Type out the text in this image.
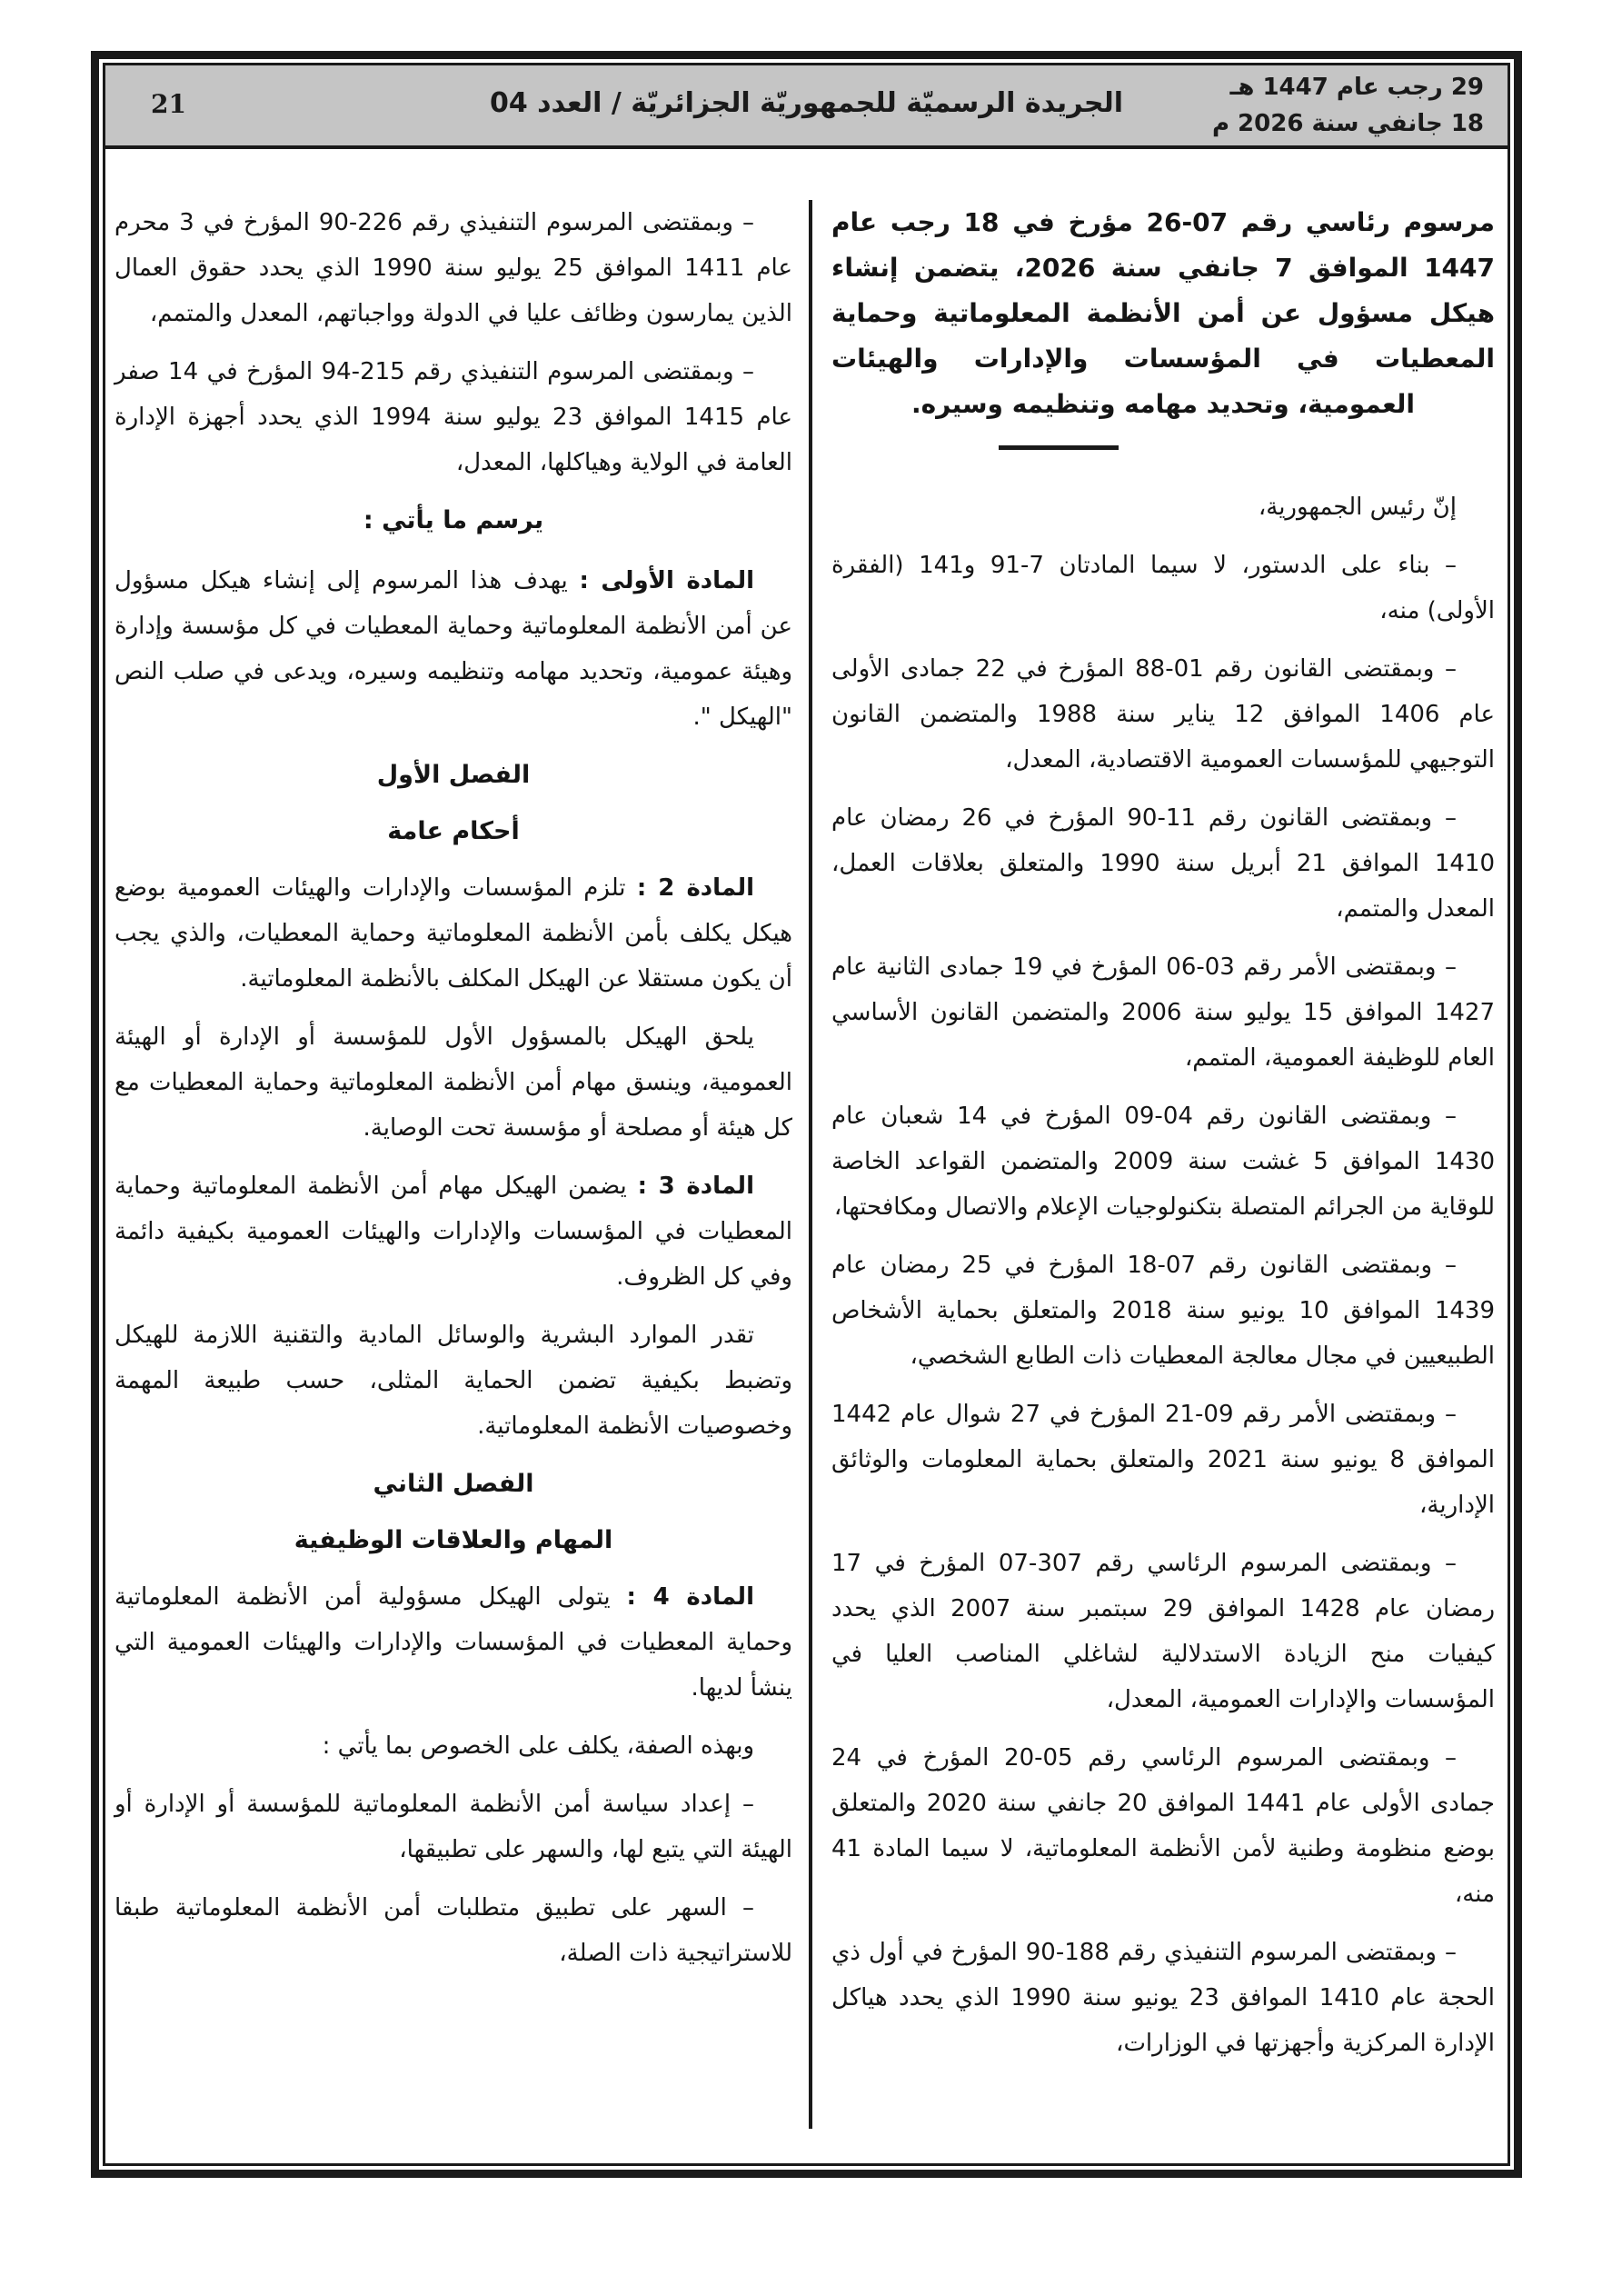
21	الجريدة الرسميّة للجمهوريّة الجزائريّة / العدد 04	29 رجب عام 1447 هـ
18 جانفي سنة 2026 م

مرسوم رئاسي رقم 07-26 مؤرخ في 18 رجب عام 1447 الموافق 7 جانفي سنة 2026، يتضمن إنشاء هيكل مسؤول عن أمن الأنظمة المعلوماتية وحماية المعطيات في المؤسسات والإدارات والهيئات العمومية، وتحديد مهامه وتنظيمه وسيره.

إنّ رئيس الجمهورية،

– بناء على الدستور، لا سيما المادتان 7-91 و141 (الفقرة الأولى) منه،

– وبمقتضى القانون رقم 01-88 المؤرخ في 22 جمادى الأولى عام 1406 الموافق 12 يناير سنة 1988 والمتضمن القانون التوجيهي للمؤسسات العمومية الاقتصادية، المعدل،

– وبمقتضى القانون رقم 11-90 المؤرخ في 26 رمضان عام 1410 الموافق 21 أبريل سنة 1990 والمتعلق بعلاقات العمل، المعدل والمتمم،

– وبمقتضى الأمر رقم 03-06 المؤرخ في 19 جمادى الثانية عام 1427 الموافق 15 يوليو سنة 2006 والمتضمن القانون الأساسي العام للوظيفة العمومية، المتمم،

– وبمقتضى القانون رقم 04-09 المؤرخ في 14 شعبان عام 1430 الموافق 5 غشت سنة 2009 والمتضمن القواعد الخاصة للوقاية من الجرائم المتصلة بتكنولوجيات الإعلام والاتصال ومكافحتها،

– وبمقتضى القانون رقم 07-18 المؤرخ في 25 رمضان عام 1439 الموافق 10 يونيو سنة 2018 والمتعلق بحماية الأشخاص الطبيعيين في مجال معالجة المعطيات ذات الطابع الشخصي،

– وبمقتضى الأمر رقم 09-21 المؤرخ في 27 شوال عام 1442 الموافق 8 يونيو سنة 2021 والمتعلق بحماية المعلومات والوثائق الإدارية،

– وبمقتضى المرسوم الرئاسي رقم 307-07 المؤرخ في 17 رمضان عام 1428 الموافق 29 سبتمبر سنة 2007 الذي يحدد كيفيات منح الزيادة الاستدلالية لشاغلي المناصب العليا في المؤسسات والإدارات العمومية، المعدل،

– وبمقتضى المرسوم الرئاسي رقم 05-20 المؤرخ في 24 جمادى الأولى عام 1441 الموافق 20 جانفي سنة 2020 والمتعلق بوضع منظومة وطنية لأمن الأنظمة المعلوماتية، لا سيما المادة 41 منه،

– وبمقتضى المرسوم التنفيذي رقم 188-90 المؤرخ في أول ذي الحجة عام 1410 الموافق 23 يونيو سنة 1990 الذي يحدد هياكل الإدارة المركزية وأجهزتها في الوزارات،

– وبمقتضى المرسوم التنفيذي رقم 226-90 المؤرخ في 3 محرم عام 1411 الموافق 25 يوليو سنة 1990 الذي يحدد حقوق العمال الذين يمارسون وظائف عليا في الدولة وواجباتهم، المعدل والمتمم،

– وبمقتضى المرسوم التنفيذي رقم 215-94 المؤرخ في 14 صفر عام 1415 الموافق 23 يوليو سنة 1994 الذي يحدد أجهزة الإدارة العامة في الولاية وهياكلها، المعدل،

يرسم ما يأتي :

المادة الأولى : يهدف هذا المرسوم إلى إنشاء هيكل مسؤول عن أمن الأنظمة المعلوماتية وحماية المعطيات في كل مؤسسة وإدارة وهيئة عمومية، وتحديد مهامه وتنظيمه وسيره، ويدعى في صلب النص "الهيكل ".

الفصل الأول

أحكام عامة

المادة 2 : تلزم المؤسسات والإدارات والهيئات العمومية بوضع هيكل يكلف بأمن الأنظمة المعلوماتية وحماية المعطيات، والذي يجب أن يكون مستقلا عن الهيكل المكلف بالأنظمة المعلوماتية.

يلحق الهيكل بالمسؤول الأول للمؤسسة أو الإدارة أو الهيئة العمومية، وينسق مهام أمن الأنظمة المعلوماتية وحماية المعطيات مع كل هيئة أو مصلحة أو مؤسسة تحت الوصاية.

المادة 3 : يضمن الهيكل مهام أمن الأنظمة المعلوماتية وحماية المعطيات في المؤسسات والإدارات والهيئات العمومية بكيفية دائمة وفي كل الظروف.

تقدر الموارد البشرية والوسائل المادية والتقنية اللازمة للهيكل وتضبط بكيفية تضمن الحماية المثلى، حسب طبيعة المهمة وخصوصيات الأنظمة المعلوماتية.

الفصل الثاني

المهام والعلاقات الوظيفية

المادة 4 : يتولى الهيكل مسؤولية أمن الأنظمة المعلوماتية وحماية المعطيات في المؤسسات والإدارات والهيئات العمومية التي ينشأ لديها.

وبهذه الصفة، يكلف على الخصوص بما يأتي :

– إعداد سياسة أمن الأنظمة المعلوماتية للمؤسسة أو الإدارة أو الهيئة التي يتبع لها، والسهر على تطبيقها،

– السهر على تطبيق متطلبات أمن الأنظمة المعلوماتية طبقا للاستراتيجية ذات الصلة،
